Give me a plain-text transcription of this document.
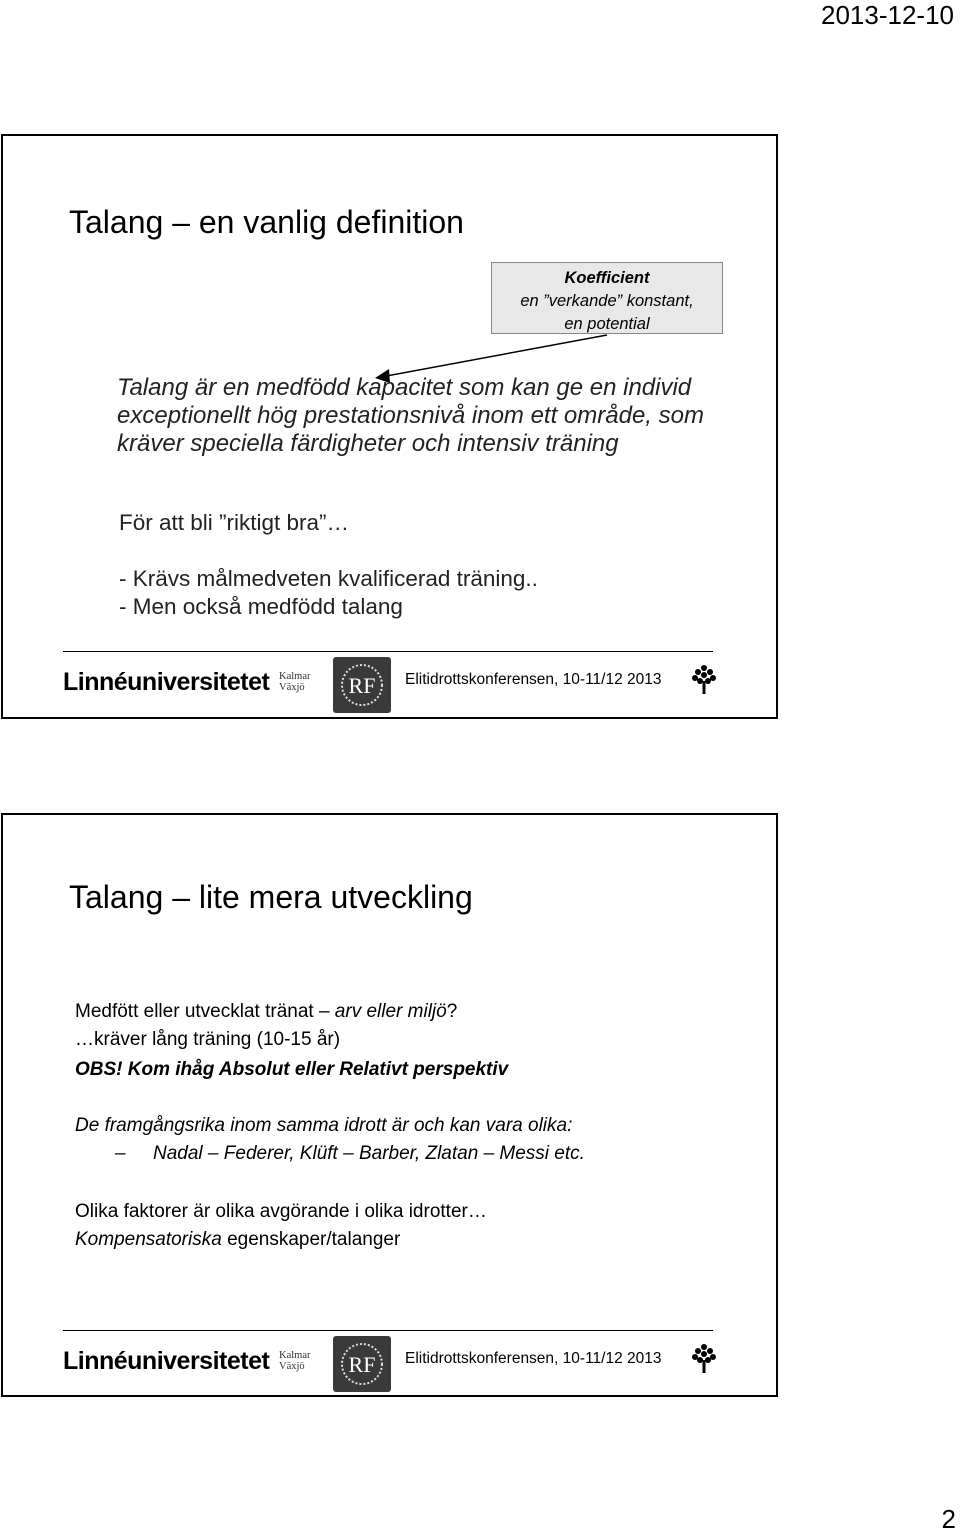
2013-12-10
Talang – en vanlig definition
Koefficient
en ”verkande” konstant,
en potential
Talang är en medfödd kapacitet som kan ge en individ
exceptionellt hög prestationsnivå inom ett område, som
kräver speciella färdigheter och intensiv träning
För att bli ”riktigt bra”…
- Krävs målmedveten kvalificerad träning..
- Men också medfödd talang
Linnéuniversitetet Kalmar
Växjö RF Elitidrottskonferensen, 10-11/12 2013
Talang – lite mera utveckling
Medfött eller utvecklat tränat – arv eller miljö?
…kräver lång träning (10-15 år)
OBS! Kom ihåg Absolut eller Relativt perspektiv
De framgångsrika inom samma idrott är och kan vara olika:
– Nadal – Federer, Klüft – Barber, Zlatan – Messi etc.
Olika faktorer är olika avgörande i olika idrotter…
Kompensatoriska egenskaper/talanger
Linnéuniversitetet Kalmar
Växjö RF Elitidrottskonferensen, 10-11/12 2013
2
